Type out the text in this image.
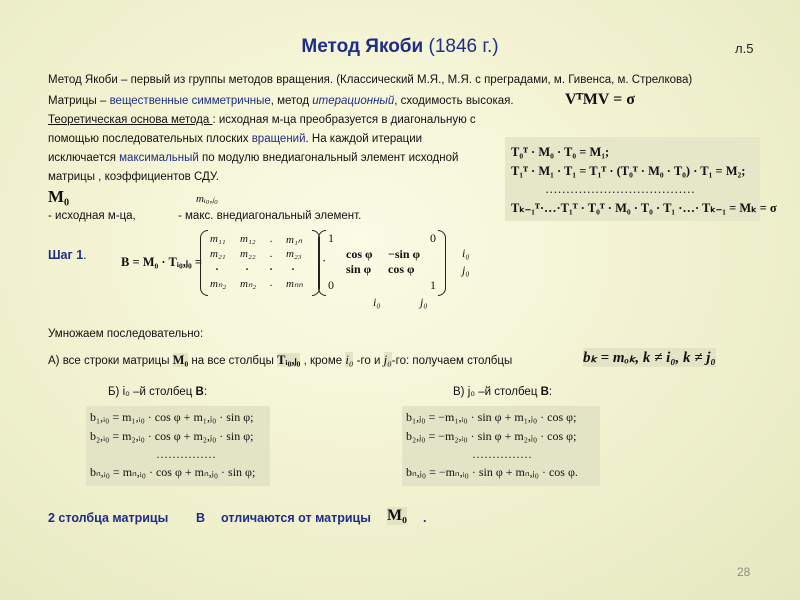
Метод Якоби (1846 г.)	л.5
Метод Якоби – первый из группы методов вращения. (Классический М.Я., М.Я. с преградами, м. Гивенса, м. Стрелкова)
Матрицы – вещественные симметричные, метод итерационный, сходимость высокая.	VᵀMV = σ
Теоретическая основа метода : исходная м-ца преобразуется в диагональную с
помощью последовательных плоских вращений. На каждой итерации
исключается максимальный по модулю внедиагональный элемент исходной
матрицы , коэффициентов СДУ.
M₀	mᵢ₀,ⱼ₀
- исходная м-ца,	- макс. внедиагональный элемент.
T₀ᵀ · M₀ · T₀ = M₁;
T₁ᵀ · M₁ · T₁ = T₁ᵀ · (T₀ᵀ · M₀ · T₀) · T₁ = M₂;
………………………………
Tₖ₋₁ᵀ·…·T₁ᵀ · T₀ᵀ · M₀ · T₀ · T₁ ·…· Tₖ₋₁ = Mₖ = σ
Шаг 1.	B = M₀ · Tᵢ₀,ⱼ₀ =
m₁₁ m₁₂ . m₁ₙ
m₂₁ m₂₂ . m₂₃
. . . .
mₙ₂ mₙ₂ . mₙₙ
·
1	0
cos φ −sin φ
sin φ cos φ
0	1
i₀
j₀
i₀	j₀
Умножаем последовательно:
А) все строки матрицы M₀ на все столбцы Tᵢ₀,ⱼ₀ , кроме i₀ -го и j₀-го: получаем столбцы	bₖ = mₒₖ, k ≠ i₀, k ≠ j₀
Б) i₀ –й столбец В:	В) j₀ –й столбец В:
b₁,ᵢ₀ = m₁,ᵢ₀ · cos φ + m₁,ⱼ₀ · sin φ;
b₂,ᵢ₀ = m₂,ᵢ₀ · cos φ + m₂,ⱼ₀ · sin φ;
……………
bₙ,ᵢ₀ = mₙ,ᵢ₀ · cos φ + mₙ,ⱼ₀ · sin φ;
b₁,ⱼ₀ = −m₁,ᵢ₀ · sin φ + m₁,ⱼ₀ · cos φ;
b₂,ⱼ₀ = −m₂,ᵢ₀ · sin φ + m₂,ⱼ₀ · cos φ;
……………
bₙ,ⱼ₀ = −mₙ,ᵢ₀ · sin φ + mₙ,ⱼ₀ · cos φ.
2 столбца матрицы В отличаются от матрицы M₀ .
28
